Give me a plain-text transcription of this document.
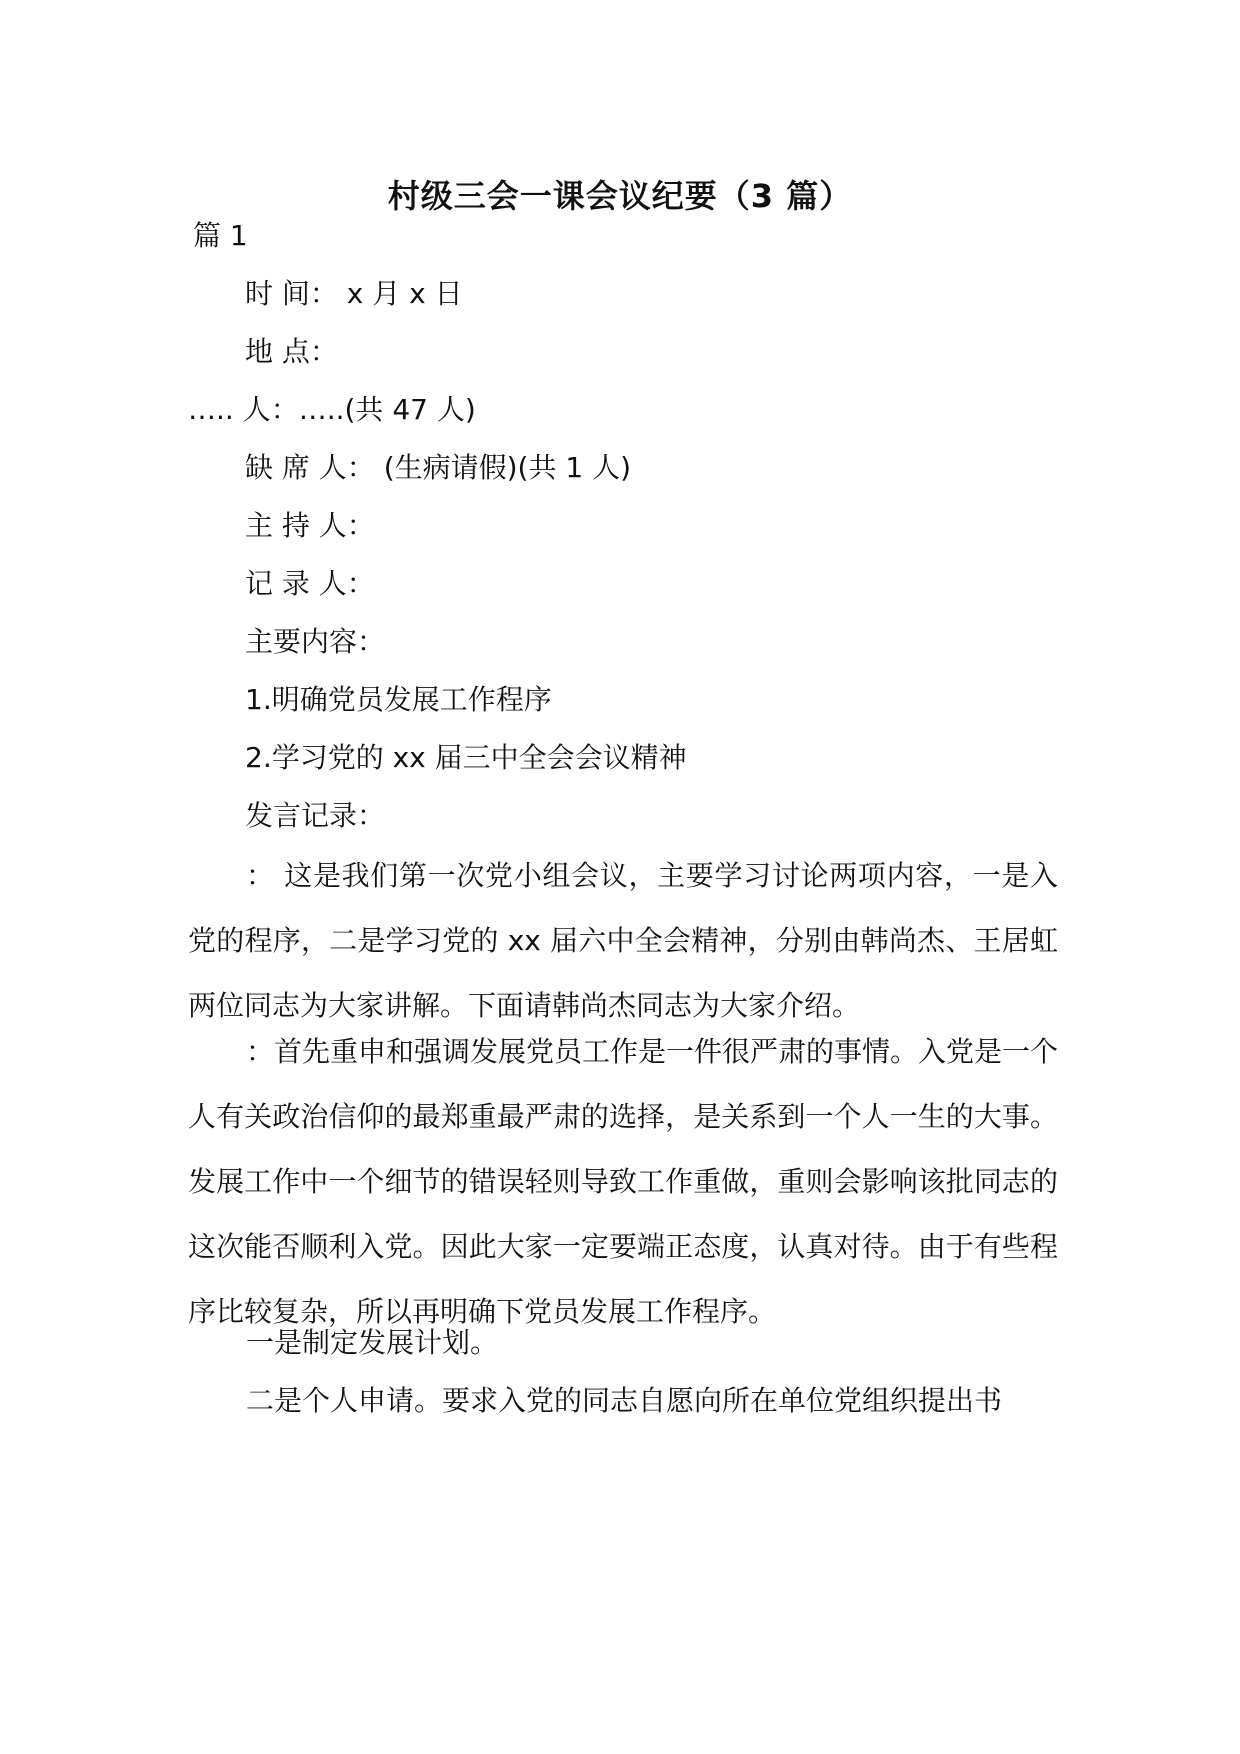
村级三会一课会议纪要（3 篇）
篇 1
时 间： x 月 x 日
地 点：
….. 人：…..(共 47 人)
缺 席 人： (生病请假)(共 1 人)
主 持 人：
记 录 人：
主要内容：
1.明确党员发展工作程序
2.学习党的 xx 届三中全会会议精神
发言记录：
： 这是我们第一次党小组会议，主要学习讨论两项内容，一是入党的程序，二是学习党的 xx 届六中全会精神，分别由韩尚杰、王居虹两位同志为大家讲解。下面请韩尚杰同志为大家介绍。
：首先重申和强调发展党员工作是一件很严肃的事情。入党是一个人有关政治信仰的最郑重最严肃的选择，是关系到一个人一生的大事。发展工作中一个细节的错误轻则导致工作重做，重则会影响该批同志的这次能否顺利入党。因此大家一定要端正态度，认真对待。由于有些程序比较复杂，所以再明确下党员发展工作程序。
一是制定发展计划。
二是个人申请。要求入党的同志自愿向所在单位党组织提出书
